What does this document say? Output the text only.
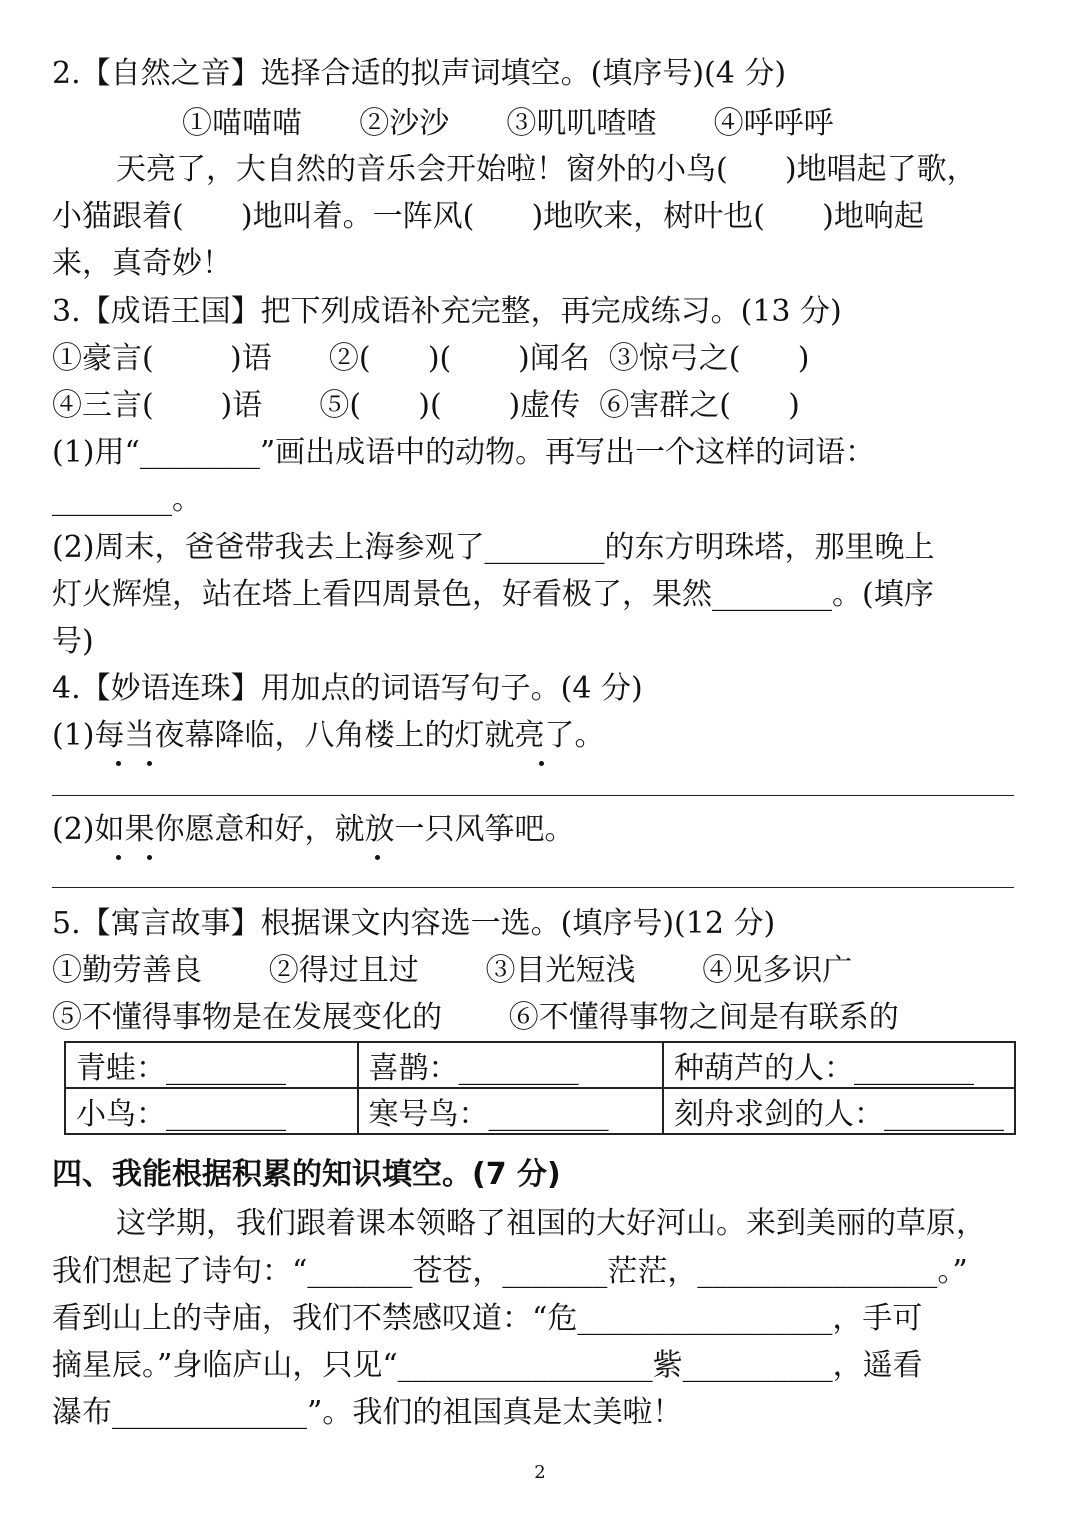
2.【自然之音】选择合适的拟声词填空。(填序号)(4 分)
①喵喵喵      ②沙沙      ③叽叽喳喳      ④呼呼呼
天亮了，大自然的音乐会开始啦！窗外的小鸟(      )地唱起了歌，
小猫跟着(      )地叫着。一阵风(      )地吹来，树叶也(      )地响起
来，真奇妙！
3.【成语王国】把下列成语补充完整，再完成练习。(13 分)
①豪言(        )语      ②(      )(       )闻名  ③惊弓之(      )
④三言(       )语      ⑤(      )(       )虚传  ⑥害群之(      )
(1)用“________”画出成语中的动物。再写出一个这样的词语：
________。
(2)周末，爸爸带我去上海参观了________的东方明珠塔，那里晚上
灯火辉煌，站在塔上看四周景色，好看极了，果然________。(填序
号)
4.【妙语连珠】用加点的词语写句子。(4 分)
(1)每当夜幕降临，八角楼上的灯就亮了。
(2)如果你愿意和好，就放一只风筝吧。
5.【寓言故事】根据课文内容选一选。(填序号)(12 分)
①勤劳善良       ②得过且过       ③目光短浅       ④见多识广
⑤不懂得事物是在发展变化的       ⑥不懂得事物之间是有联系的
青蛙：________	喜鹊：________	种葫芦的人：________
小鸟：________	寒号鸟：________	刻舟求剑的人：________
四、我能根据积累的知识填空。(7 分)
这学期，我们跟着课本领略了祖国的大好河山。来到美丽的草原，
我们想起了诗句：“_______苍苍，_______茫茫，________________。”
看到山上的寺庙，我们不禁感叹道：“危_________________，手可
摘星辰。”身临庐山，只见“_________________紫__________，遥看
瀑布_____________”。我们的祖国真是太美啦！
2
